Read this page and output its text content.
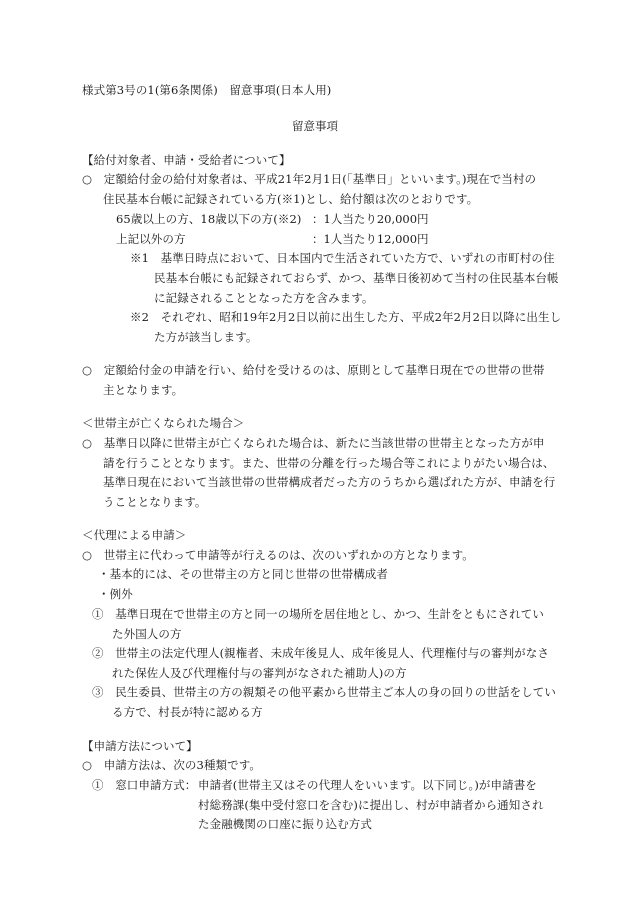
様式第3号の1(第6条関係)　留意事項(日本人用)
留意事項
【給付対象者、申請・受給者について】
○　定額給付金の給付対象者は、平成21年2月1日(「基準日」といいます。)現在で当村の
住民基本台帳に記録されている方(※1)とし、給付額は次のとおりです。
65歳以上の方、18歳以下の方(※2) ：1人当たり20,000円
上記以外の方	：1人当たり12,000円
※1　基準日時点において、日本国内で生活されていた方で、いずれの市町村の住
民基本台帳にも記録されておらず、かつ、基準日後初めて当村の住民基本台帳
に記録されることとなった方を含みます。
※2　それぞれ、昭和19年2月2日以前に出生した方、平成2年2月2日以降に出生し
た方が該当します。
○　定額給付金の申請を行い、給付を受けるのは、原則として基準日現在での世帯の世帯
主となります。
＜世帯主が亡くなられた場合＞
○　基準日以降に世帯主が亡くなられた場合は、新たに当該世帯の世帯主となった方が申
請を行うこととなります。また、世帯の分離を行った場合等これによりがたい場合は、
基準日現在において当該世帯の世帯構成者だった方のうちから選ばれた方が、申請を行
うこととなります。
＜代理による申請＞
○　世帯主に代わって申請等が行えるのは、次のいずれかの方となります。
・基本的には、その世帯主の方と同じ世帯の世帯構成者
・例外
①　基準日現在で世帯主の方と同一の場所を居住地とし、かつ、生計をともにされてい
た外国人の方
②　世帯主の法定代理人(親権者、未成年後見人、成年後見人、代理権付与の審判がなさ
れた保佐人及び代理権付与の審判がなされた補助人)の方
③　民生委員、世帯主の方の親類その他平素から世帯主ご本人の身の回りの世話をしてい
る方で、村長が特に認める方
【申請方法について】
○　申請方法は、次の3種類です。
①　窓口申請方式： 申請者(世帯主又はその代理人をいいます。以下同じ。)が申請書を
村総務課(集中受付窓口を含む)に提出し、村が申請者から通知され
た金融機関の口座に振り込む方式
